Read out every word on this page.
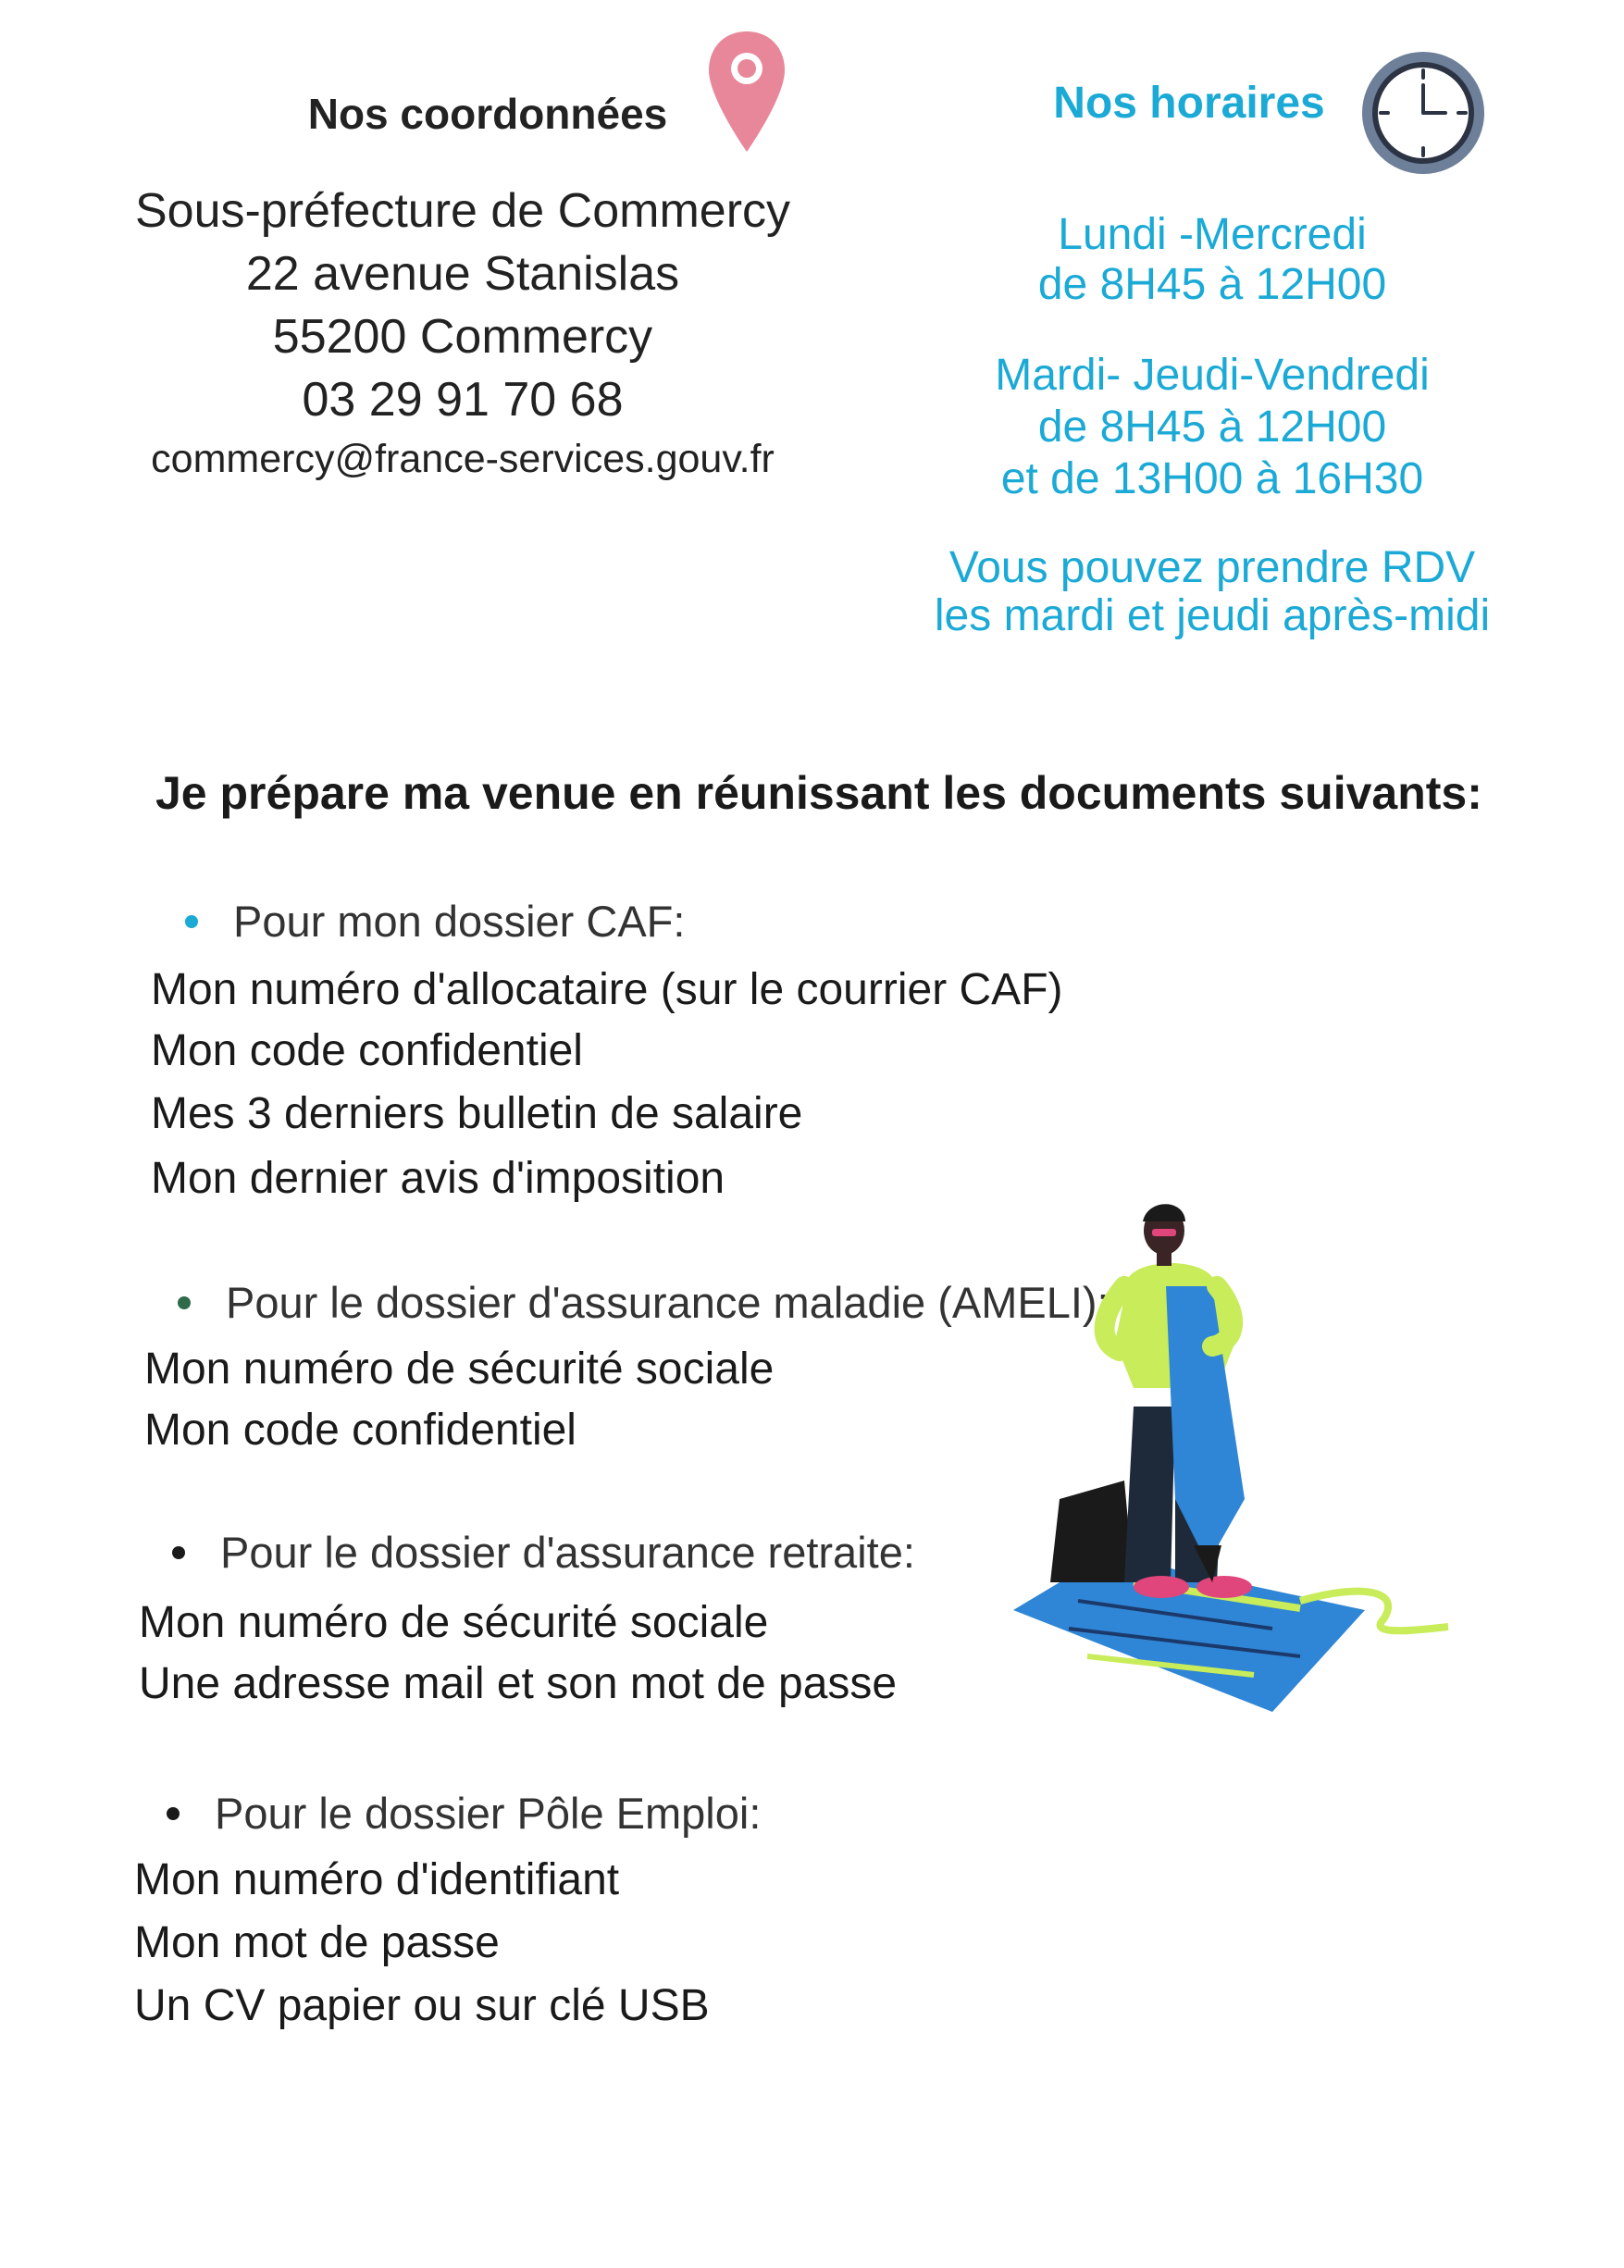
Nos coordonnées
Sous-préfecture de Commercy
22 avenue Stanislas
55200 Commercy
03 29 91 70 68
commercy@france-services.gouv.fr
Nos horaires
Lundi -Mercredi
de 8H45 à 12H00
Mardi- Jeudi-Vendredi
de 8H45 à 12H00
et de 13H00 à 16H30
Vous pouvez prendre RDV
les mardi et jeudi après-midi
Je prépare ma venue en réunissant les documents suivants:
Pour mon dossier CAF:
Mon numéro d'allocataire (sur le courrier CAF)
Mon code confidentiel
Mes 3 derniers bulletin de salaire
Mon dernier avis d'imposition
Pour le dossier d'assurance maladie (AMELI):
Mon numéro de sécurité sociale
Mon code confidentiel
Pour le dossier d'assurance retraite:
Mon numéro de sécurité sociale
Une adresse mail et son mot de passe
Pour le dossier Pôle Emploi:
Mon numéro d'identifiant
Mon mot de passe
Un CV papier ou sur clé USB
